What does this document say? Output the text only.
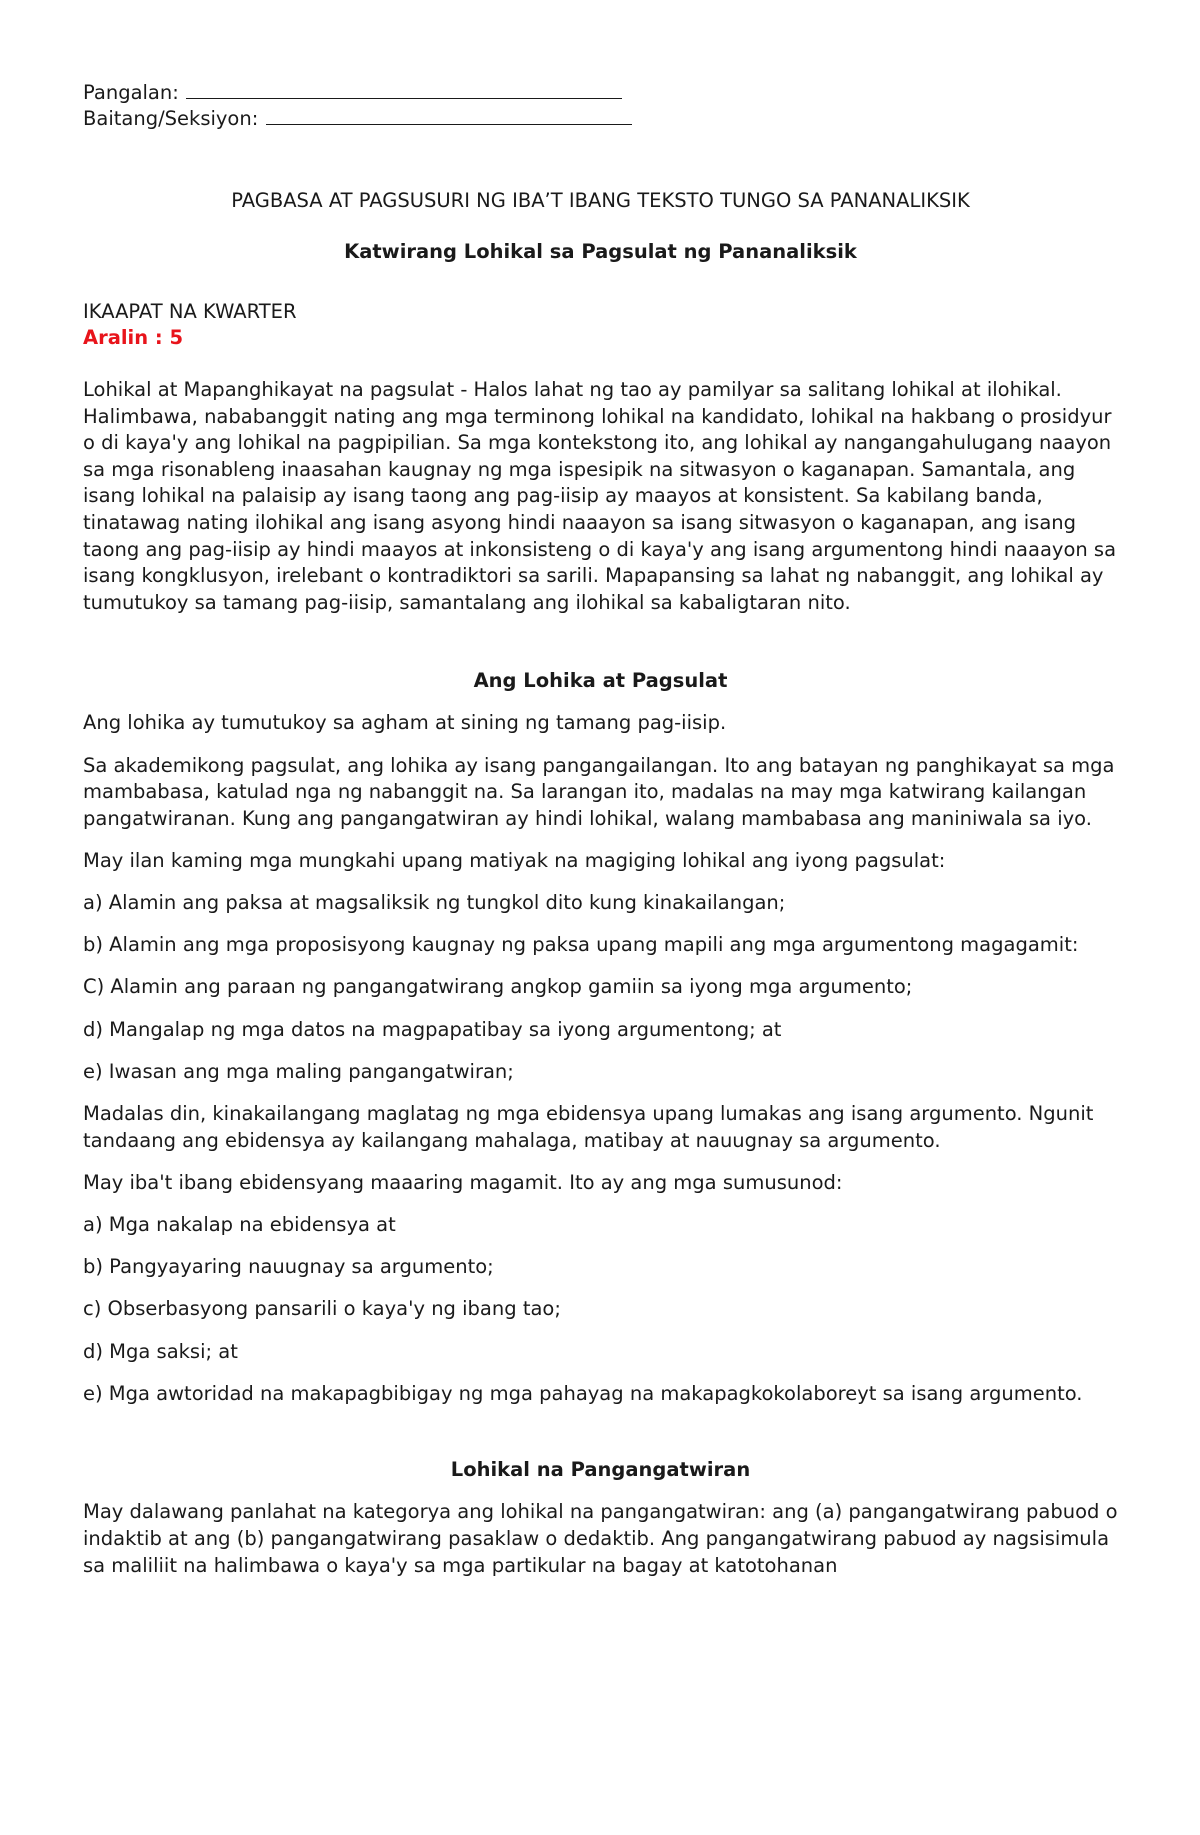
Pangalan:
Baitang/Seksiyon:
PAGBASA AT PAGSUSURI NG IBA’T IBANG TEKSTO TUNGO SA PANANALIKSIK
Katwirang Lohikal sa Pagsulat ng Pananaliksik
IKAAPAT NA KWARTER
Aralin : 5

Lohikal at Mapanghikayat na pagsulat - Halos lahat ng tao ay pamilyar sa salitang lohikal at ilohikal. Halimbawa, nababanggit nating ang mga terminong lohikal na kandidato, lohikal na hakbang o prosidyur o di kaya'y ang lohikal na pagpipilian. Sa mga kontekstong ito, ang lohikal ay nangangahulugang naayon sa mga risonableng inaasahan kaugnay ng mga ispesipik na sitwasyon o kaganapan. Samantala, ang isang lohikal na palaisip ay isang taong ang pag-iisip ay maayos at konsistent. Sa kabilang banda, tinatawag nating ilohikal ang isang asyong hindi naaayon sa isang sitwasyon o kaganapan, ang isang taong ang pag-iisip ay hindi maayos at inkonsisteng o di kaya'y ang isang argumentong hindi naaayon sa isang kongklusyon, irelebant o kontradiktori sa sarili. Mapapansing sa lahat ng nabanggit, ang lohikal ay tumutukoy sa tamang pag-iisip, samantalang ang ilohikal sa kabaligtaran nito.

Ang Lohika at Pagsulat

Ang lohika ay tumutukoy sa agham at sining ng tamang pag-iisip.

Sa akademikong pagsulat, ang lohika ay isang pangangailangan. Ito ang batayan ng panghikayat sa mga mambabasa, katulad nga ng nabanggit na. Sa larangan ito, madalas na may mga katwirang kailangan pangatwiranan. Kung ang pangangatwiran ay hindi lohikal, walang mambabasa ang maniniwala sa iyo.

May ilan kaming mga mungkahi upang matiyak na magiging lohikal ang iyong pagsulat:

a) Alamin ang paksa at magsaliksik ng tungkol dito kung kinakailangan;

b) Alamin ang mga proposisyong kaugnay ng paksa upang mapili ang mga argumentong magagamit:

C) Alamin ang paraan ng pangangatwirang angkop gamiin sa iyong mga argumento;

d) Mangalap ng mga datos na magpapatibay sa iyong argumentong; at

e) Iwasan ang mga maling pangangatwiran;

Madalas din, kinakailangang maglatag ng mga ebidensya upang lumakas ang isang argumento. Ngunit tandaang ang ebidensya ay kailangang mahalaga, matibay at nauugnay sa argumento.

May iba't ibang ebidensyang maaaring magamit. Ito ay ang mga sumusunod:

a) Mga nakalap na ebidensya at

b) Pangyayaring nauugnay sa argumento;

c) Obserbasyong pansarili o kaya'y ng ibang tao;

d) Mga saksi; at

e) Mga awtoridad na makapagbibigay ng mga pahayag na makapagkokolaboreyt sa isang argumento.

Lohikal na Pangangatwiran

May dalawang panlahat na kategorya ang lohikal na pangangatwiran: ang (a) pangangatwirang pabuod o indaktib at ang (b) pangangatwirang pasaklaw o dedaktib. Ang pangangatwirang pabuod ay nagsisimula sa maliliit na halimbawa o kaya'y sa mga partikular na bagay at katotohanan
